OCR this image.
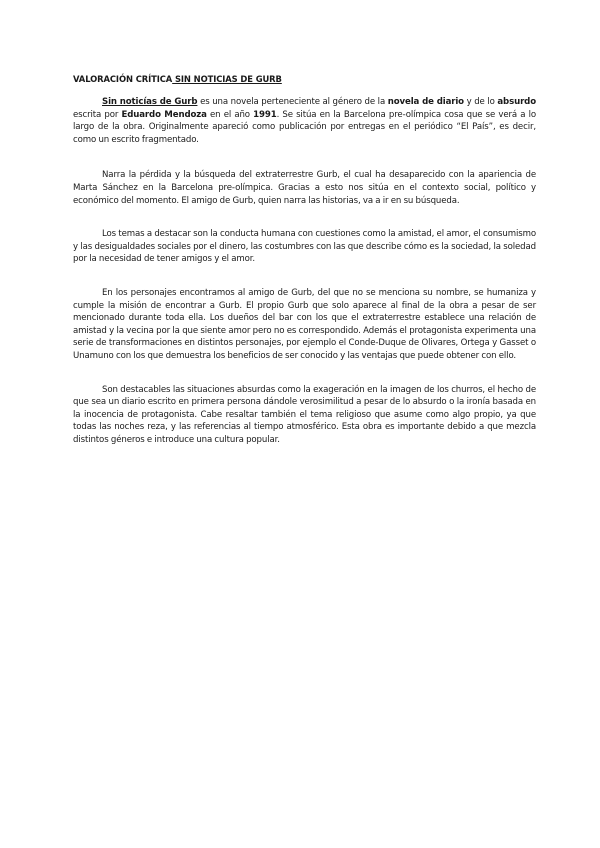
VALORACIÓN CRÍTICA SIN NOTICIAS DE GURB

Sin noticías de Gurb es una novela perteneciente al género de la novela de diario y de lo absurdo escrita por Eduardo Mendoza en el año 1991. Se sitúa en la Barcelona pre-olímpica cosa que se verá a lo largo de la obra. Originalmente apareció como publicación por entregas en el periódico “El País”, es decir, como un escrito fragmentado.

Narra la pérdida y la búsqueda del extraterrestre Gurb, el cual ha desaparecido con la apariencia de Marta Sánchez en la Barcelona pre-olímpica. Gracias a esto nos sitúa en el contexto social, político y económico del momento. El amigo de Gurb, quien narra las historias, va a ir en su búsqueda.

Los temas a destacar son la conducta humana con cuestiones como la amistad, el amor, el consumismo y las desigualdades sociales por el dinero, las costumbres con las que describe cómo es la sociedad, la soledad por la necesidad de tener amigos y el amor.

En los personajes encontramos al amigo de Gurb, del que no se menciona su nombre, se humaniza y cumple la misión de encontrar a Gurb. El propio Gurb que solo aparece al final de la obra a pesar de ser mencionado durante toda ella. Los dueños del bar con los que el extraterrestre establece una relación de amistad y la vecina por la que siente amor pero no es correspondido. Además el protagonista experimenta una serie de transformaciones en distintos personajes, por ejemplo el Conde-Duque de Olivares, Ortega y Gasset o Unamuno con los que demuestra los beneficios de ser conocido y las ventajas que puede obtener con ello.

Son destacables las situaciones absurdas como la exageración en la imagen de los churros, el hecho de que sea un diario escrito en primera persona dándole verosimilitud a pesar de lo absurdo o la ironía basada en la inocencia de protagonista. Cabe resaltar también el tema religioso que asume como algo propio, ya que todas las noches reza, y las referencias al tiempo atmosférico. Esta obra es importante debido a que mezcla distintos géneros e introduce una cultura popular.
